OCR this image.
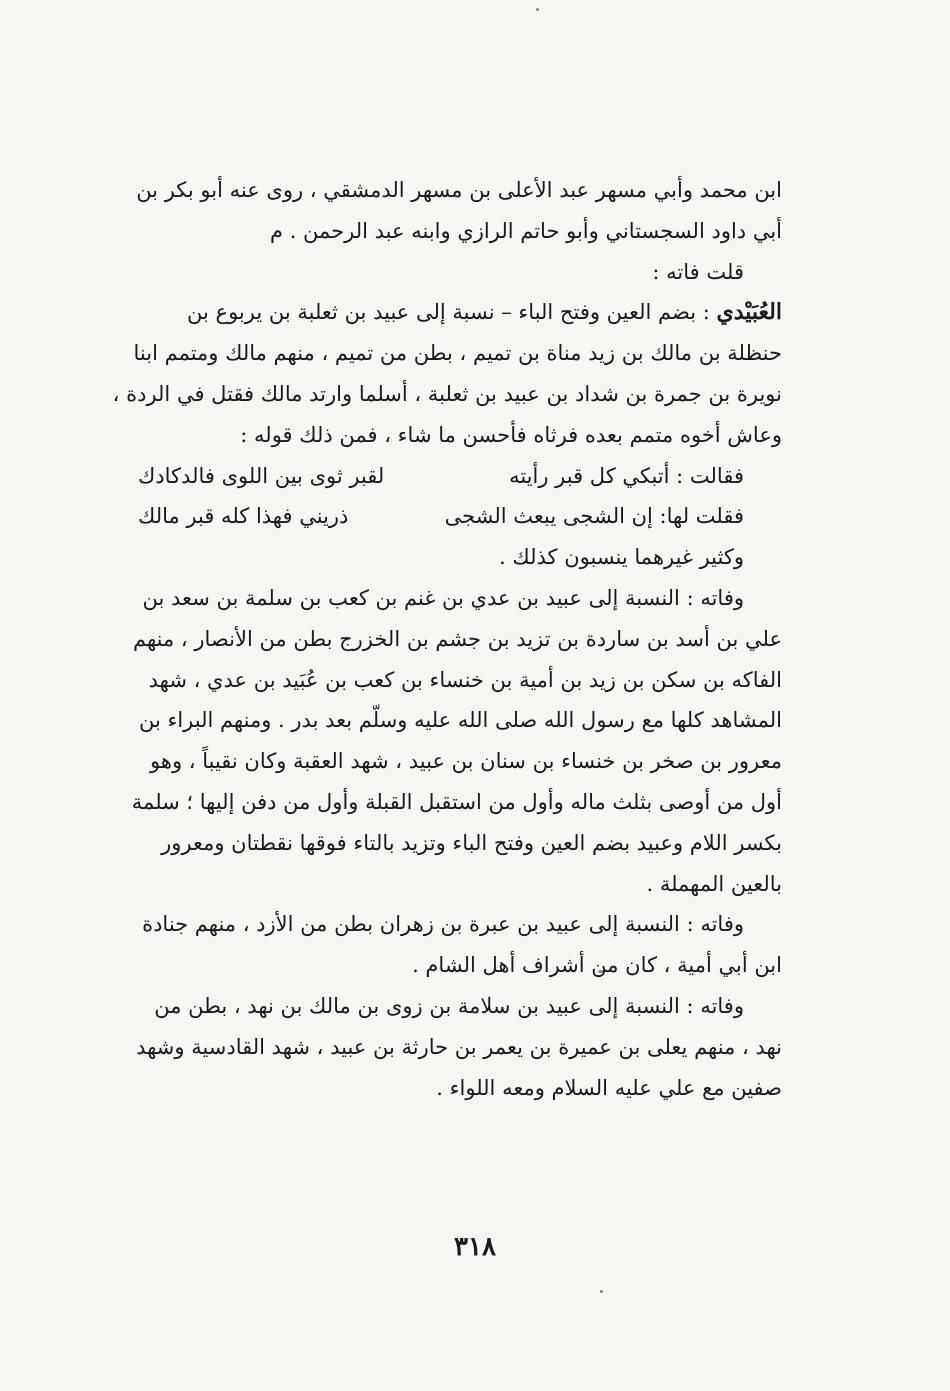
ابن محمد وأبي مسهر عبد الأعلى بن مسهر الدمشقي ، روى عنه أبو بكر بن
أبي داود السجستاني وأبو حاتم الرازي وابنه عبد الرحمن . م
قلت فاته :
العُبَيْدي : بضم العين وفتح الباء – نسبة إلى عبيد بن ثعلبة بن يربوع بن
حنظلة بن مالك بن زيد مناة بن تميم ، بطن من تميم ، منهم مالك ومتمم ابنا
نويرة بن جمرة بن شداد بن عبيد بن ثعلبة ، أسلما وارتد مالك فقتل في الردة ،
وعاش أخوه متمم بعده فرثاه فأحسن ما شاء ، فمن ذلك قوله :
فقالت : أتبكي كل قبر رأيته
لقبر ثوى بين اللوى فالدكادك
فقلت لها: إن الشجى يبعث الشجى
ذريني فهذا كله قبر مالك
وكثير غيرهما ينسبون كذلك .
وفاته : النسبة إلى عبيد بن عدي بن غنم بن كعب بن سلمة بن سعد بن
علي بن أسد بن ساردة بن تزيد بن جشم بن الخزرج بطن من الأنصار ، منهم
الفاكه بن سكن بن زيد بن أمية بن خنساء بن كعب بن عُبَيد بن عدي ، شهد
المشاهد كلها مع رسول الله صلى الله عليه وسلّم بعد بدر . ومنهم البراء بن
معرور بن صخر بن خنساء بن سنان بن عبيد ، شهد العقبة وكان نقيباً ، وهو
أول من أوصى بثلث ماله وأول من استقبل القبلة وأول من دفن إليها ؛ سلمة
بكسر اللام وعبيد بضم العين وفتح الباء وتزيد بالتاء فوقها نقطتان ومعرور
بالعين المهملة .
وفاته : النسبة إلى عبيد بن عبرة بن زهران بطن من الأزد ، منهم جنادة
ابن أبي أمية ، كان من أشراف أهل الشام .
وفاته : النسبة إلى عبيد بن سلامة بن زوى بن مالك بن نهد ، بطن من
نهد ، منهم يعلى بن عميرة بن يعمر بن حارثة بن عبيد ، شهد القادسية وشهد
صفين مع علي عليه السلام ومعه اللواء .
٣١٨
